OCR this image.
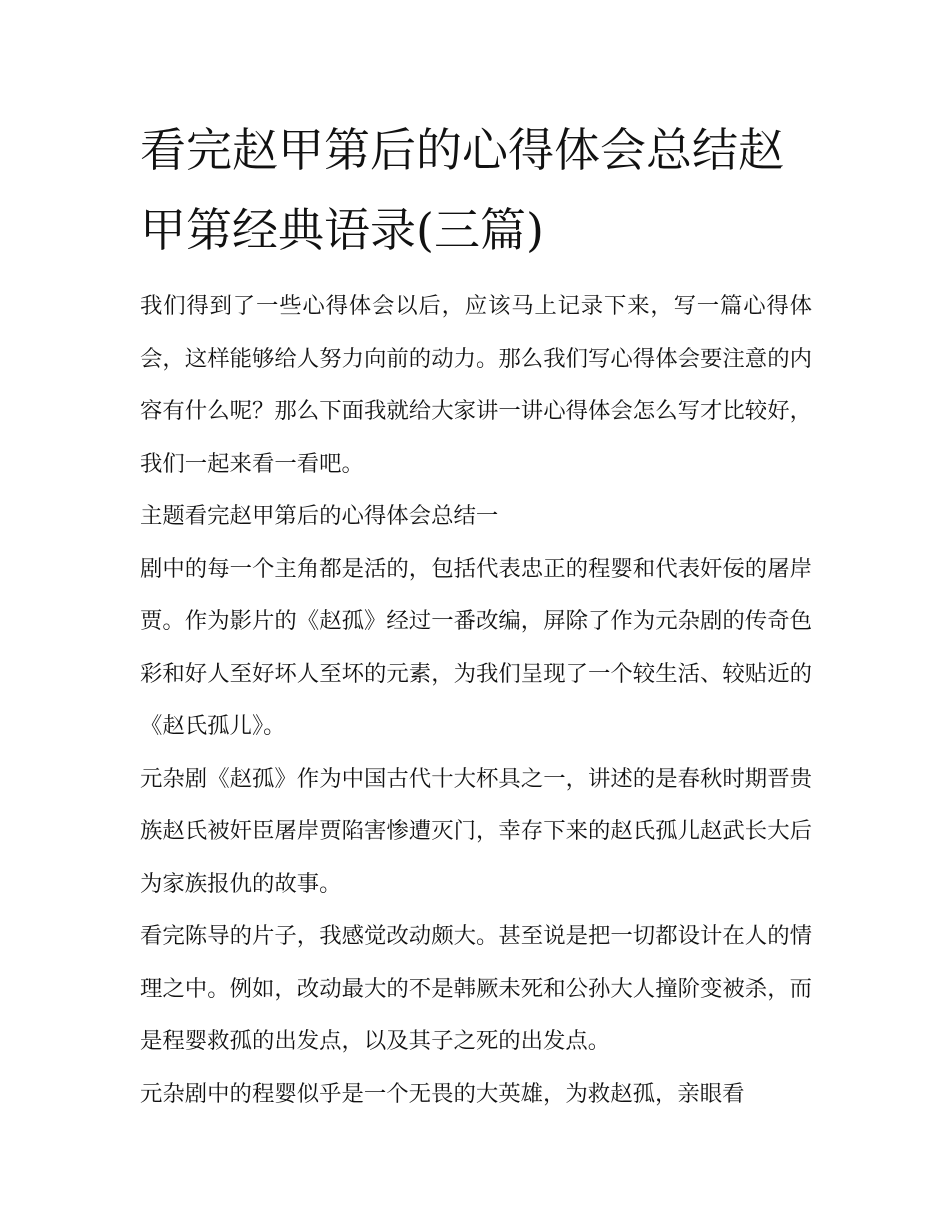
看完赵甲第后的心得体会总结赵甲第经典语录(三篇)

我们得到了一些心得体会以后，应该马上记录下来，写一篇心得体会，这样能够给人努力向前的动力。那么我们写心得体会要注意的内容有什么呢？那么下面我就给大家讲一讲心得体会怎么写才比较好，我们一起来看一看吧。

主题看完赵甲第后的心得体会总结一

剧中的每一个主角都是活的，包括代表忠正的程婴和代表奸佞的屠岸贾。作为影片的《赵孤》经过一番改编，屏除了作为元杂剧的传奇色彩和好人至好坏人至坏的元素，为我们呈现了一个较生活、较贴近的《赵氏孤儿》。

元杂剧《赵孤》作为中国古代十大杯具之一，讲述的是春秋时期晋贵族赵氏被奸臣屠岸贾陷害惨遭灭门，幸存下来的赵氏孤儿赵武长大后为家族报仇的故事。

看完陈导的片子，我感觉改动颇大。甚至说是把一切都设计在人的情理之中。例如，改动最大的不是韩厥未死和公孙大人撞阶变被杀，而是程婴救孤的出发点，以及其子之死的出发点。

元杂剧中的程婴似乎是一个无畏的大英雄，为救赵孤，亲眼看
